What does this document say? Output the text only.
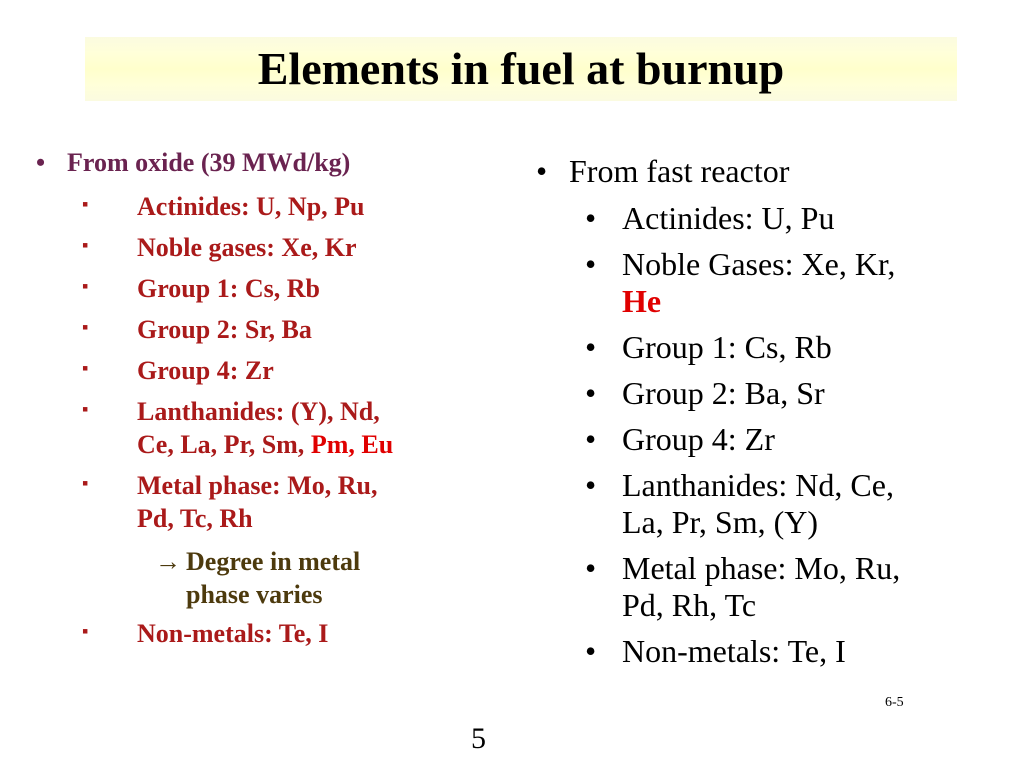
Elements in fuel at burnup
• From oxide (39 MWd/kg)
▪ Actinides: U, Np, Pu
▪ Noble gases: Xe, Kr
▪ Group 1: Cs, Rb
▪ Group 2: Sr, Ba
▪ Group 4: Zr
▪ Lanthanides: (Y), Nd,
Ce, La, Pr, Sm, Pm, Eu
▪ Metal phase: Mo, Ru,
Pd, Tc, Rh
→ Degree in metal
phase varies
▪ Non-metals: Te, I
• From fast reactor
• Actinides: U, Pu
• Noble Gases: Xe, Kr,
He
• Group 1: Cs, Rb
• Group 2: Ba, Sr
• Group 4: Zr
• Lanthanides: Nd, Ce,
La, Pr, Sm, (Y)
• Metal phase: Mo, Ru,
Pd, Rh, Tc
• Non-metals: Te, I
6-5
5
